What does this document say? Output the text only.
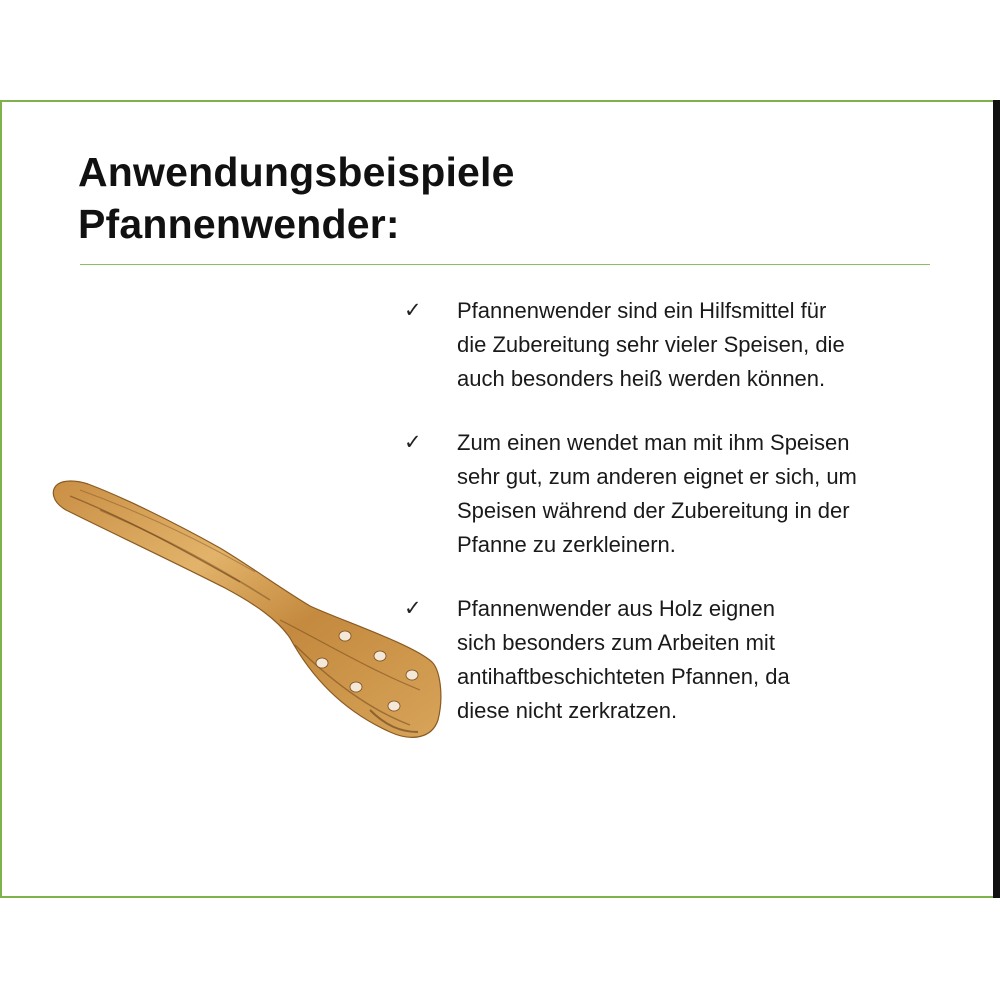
Anwendungsbeispiele
Pfannenwender:
✓ Pfannenwender sind ein Hilfsmittel für
die Zubereitung sehr vieler Speisen, die
auch besonders heiß werden können.
✓ Zum einen wendet man mit ihm Speisen
sehr gut, zum anderen eignet er sich, um
Speisen während der Zubereitung in der
Pfanne zu zerkleinern.
✓ Pfannenwender aus Holz eignen
sich besonders zum Arbeiten mit
antihaftbeschichteten Pfannen, da
diese nicht zerkratzen.
